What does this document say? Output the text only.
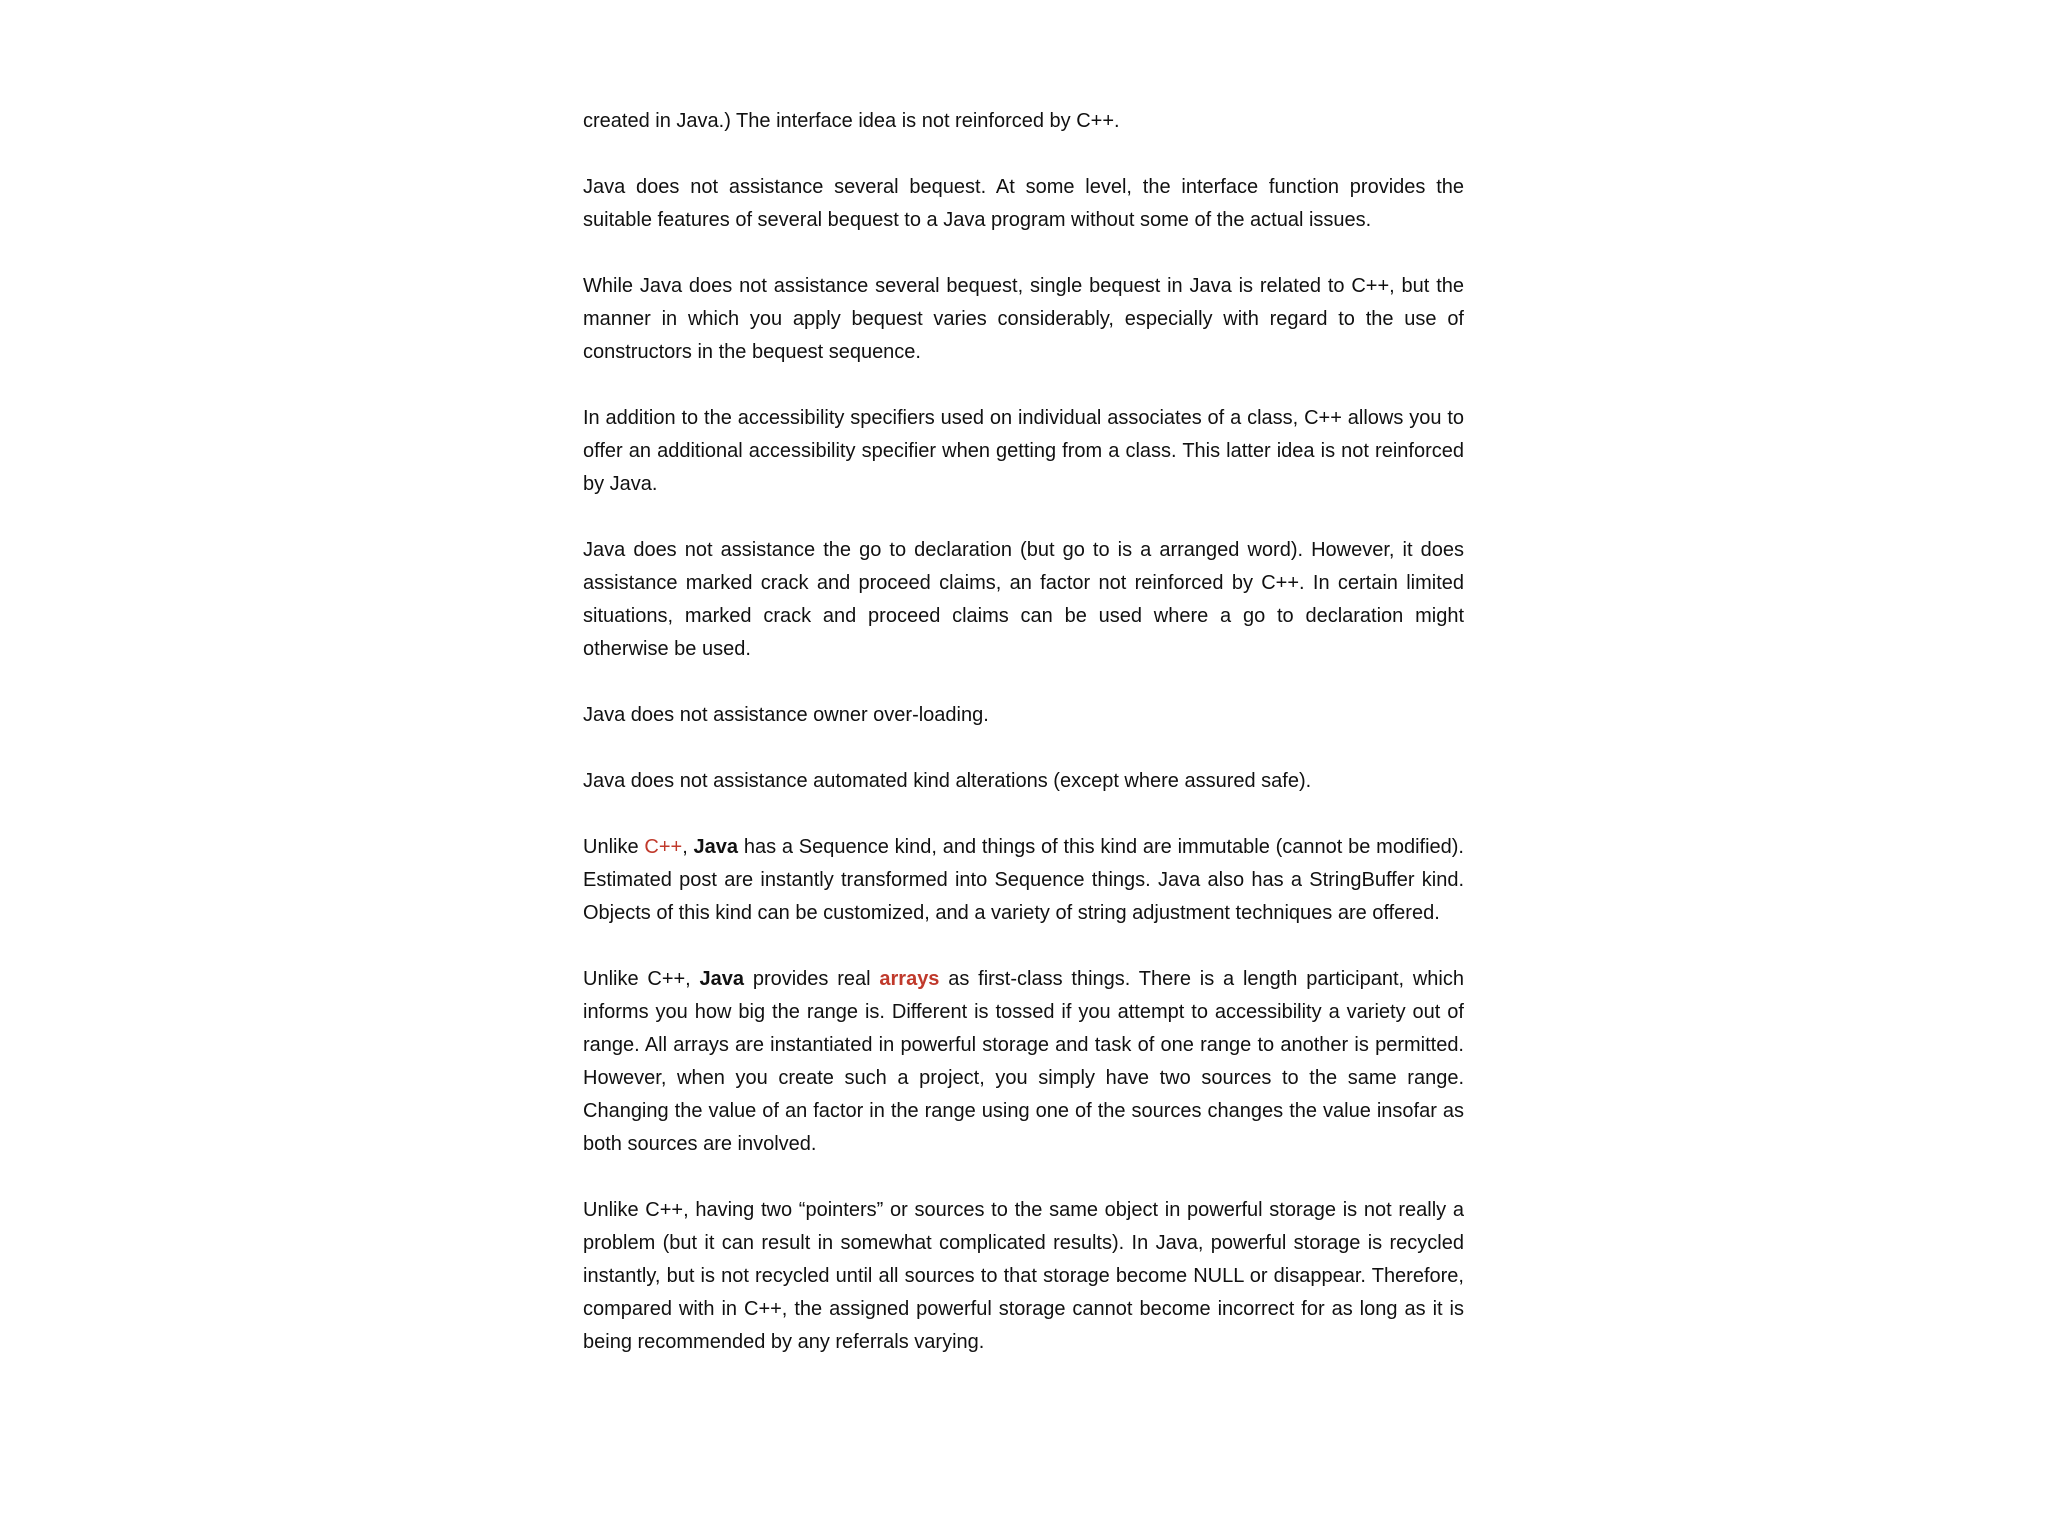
created in Java.) The interface idea is not reinforced by C++.

Java does not assistance several bequest. At some level, the interface function provides the suitable features of several bequest to a Java program without some of the actual issues.

While Java does not assistance several bequest, single bequest in Java is related to C++, but the manner in which you apply bequest varies considerably, especially with regard to the use of constructors in the bequest sequence.

In addition to the accessibility specifiers used on individual associates of a class, C++ allows you to offer an additional accessibility specifier when getting from a class. This latter idea is not reinforced by Java.

Java does not assistance the go to declaration (but go to is a arranged word). However, it does assistance marked crack and proceed claims, an factor not reinforced by C++. In certain limited situations, marked crack and proceed claims can be used where a go to declaration might otherwise be used.

Java does not assistance owner over-loading.

Java does not assistance automated kind alterations (except where assured safe).

Unlike C++, Java has a Sequence kind, and things of this kind are immutable (cannot be modified). Estimated post are instantly transformed into Sequence things. Java also has a StringBuffer kind. Objects of this kind can be customized, and a variety of string adjustment techniques are offered.

Unlike C++, Java provides real arrays as first-class things. There is a length participant, which informs you how big the range is. Different is tossed if you attempt to accessibility a variety out of range. All arrays are instantiated in powerful storage and task of one range to another is permitted. However, when you create such a project, you simply have two sources to the same range. Changing the value of an factor in the range using one of the sources changes the value insofar as both sources are involved.

Unlike C++, having two “pointers” or sources to the same object in powerful storage is not really a problem (but it can result in somewhat complicated results). In Java, powerful storage is recycled instantly, but is not recycled until all sources to that storage become NULL or disappear. Therefore, compared with in C++, the assigned powerful storage cannot become incorrect for as long as it is being recommended by any referrals varying.
